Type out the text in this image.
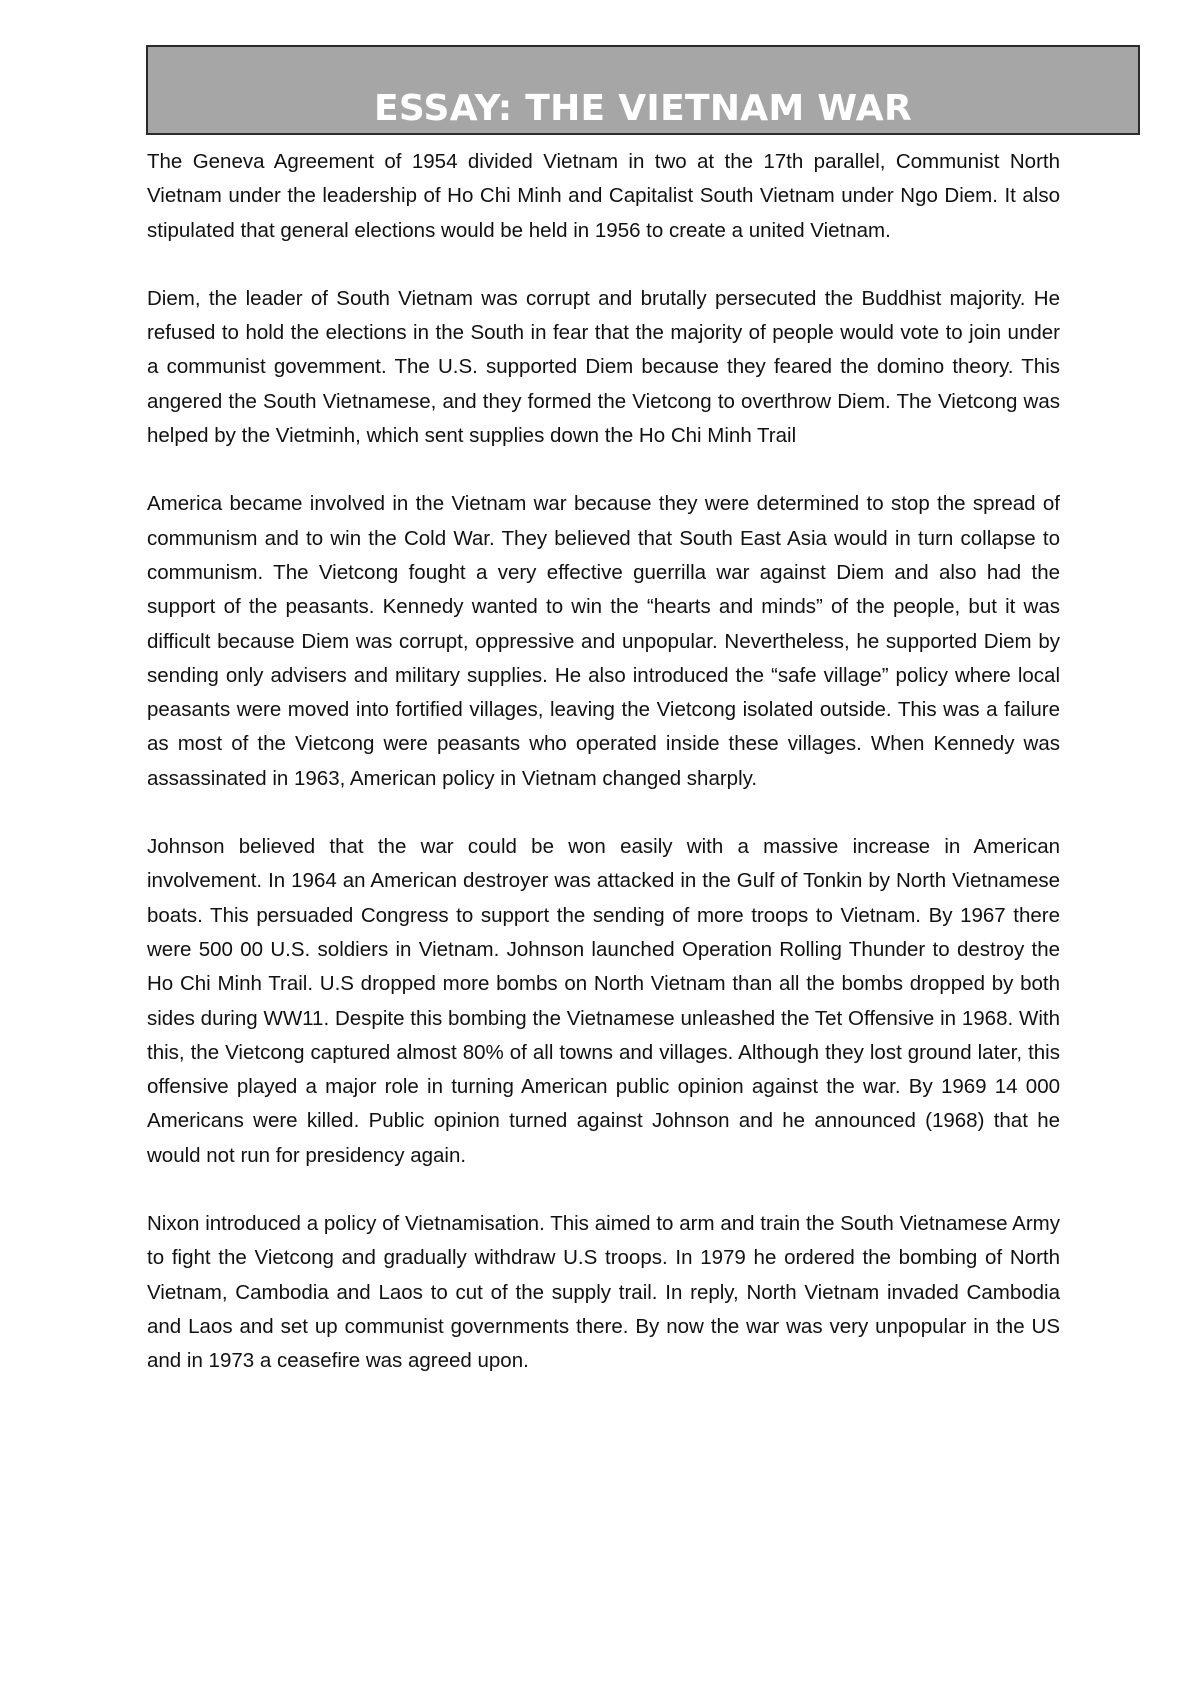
ESSAY: THE VIETNAM WAR

The Geneva Agreement of 1954 divided Vietnam in two at the 17th parallel, Communist North Vietnam under the leadership of Ho Chi Minh and Capitalist South Vietnam under Ngo Diem. It also stipulated that general elections would be held in 1956 to create a united Vietnam.

Diem, the leader of South Vietnam was corrupt and brutally persecuted the Buddhist majority. He refused to hold the elections in the South in fear that the majority of people would vote to join under a communist govemment. The U.S. supported Diem because they feared the domino theory. This angered the South Vietnamese, and they formed the Vietcong to overthrow Diem. The Vietcong was helped by the Vietminh, which sent supplies down the Ho Chi Minh Trail

America became involved in the Vietnam war because they were determined to stop the spread of communism and to win the Cold War. They believed that South East Asia would in turn collapse to communism. The Vietcong fought a very effective guerrilla war against Diem and also had the support of the peasants. Kennedy wanted to win the “hearts and minds” of the people, but it was difficult because Diem was corrupt, oppressive and unpopular. Nevertheless, he supported Diem by sending only advisers and military supplies. He also introduced the “safe village” policy where local peasants were moved into fortified villages, leaving the Vietcong isolated outside. This was a failure as most of the Vietcong were peasants who operated inside these villages. When Kennedy was assassinated in 1963, American policy in Vietnam changed sharply.

Johnson believed that the war could be won easily with a massive increase in American involvement. In 1964 an American destroyer was attacked in the Gulf of Tonkin by North Vietnamese boats. This persuaded Congress to support the sending of more troops to Vietnam. By 1967 there were 500 00 U.S. soldiers in Vietnam. Johnson launched Operation Rolling Thunder to destroy the Ho Chi Minh Trail. U.S dropped more bombs on North Vietnam than all the bombs dropped by both sides during WW11. Despite this bombing the Vietnamese unleashed the Tet Offensive in 1968. With this, the Vietcong captured almost 80% of all towns and villages. Although they lost ground later, this offensive played a major role in turning American public opinion against the war. By 1969 14 000 Americans were killed. Public opinion turned against Johnson and he announced (1968) that he would not run for presidency again.

Nixon introduced a policy of Vietnamisation. This aimed to arm and train the South Vietnamese Army to fight the Vietcong and gradually withdraw U.S troops. In 1979 he ordered the bombing of North Vietnam, Cambodia and Laos to cut of the supply trail. In reply, North Vietnam invaded Cambodia and Laos and set up communist governments there. By now the war was very unpopular in the US and in 1973 a ceasefire was agreed upon.
